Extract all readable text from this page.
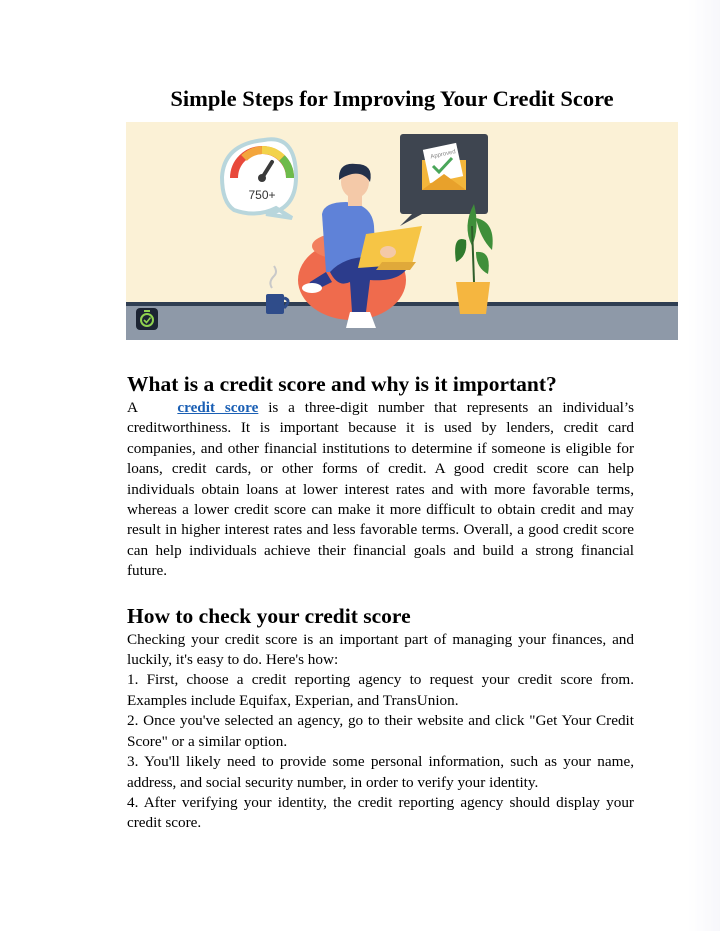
Simple Steps for Improving Your Credit Score
750+
Approved
What is a credit score and why is it important?

A	credit score is a three-digit number that represents an individual’s creditworthiness. It is important because it is used by lenders, credit card companies, and other financial institutions to determine if someone is eligible for loans, credit cards, or other forms of credit. A good credit score can help individuals obtain loans at lower interest rates and with more favorable terms, whereas a lower credit score can make it more difficult to obtain credit and may result in higher interest rates and less favorable terms. Overall, a good credit score can help individuals achieve their financial goals and build a strong financial future.

How to check your credit score

Checking your credit score is an important part of managing your finances, and luckily, it's easy to do. Here's how:

1. First, choose a credit reporting agency to request your credit score from. Examples include Equifax, Experian, and TransUnion.

2. Once you've selected an agency, go to their website and click "Get Your Credit Score" or a similar option.

3. You'll likely need to provide some personal information, such as your name, address, and social security number, in order to verify your identity.

4. After verifying your identity, the credit reporting agency should display your credit score.
